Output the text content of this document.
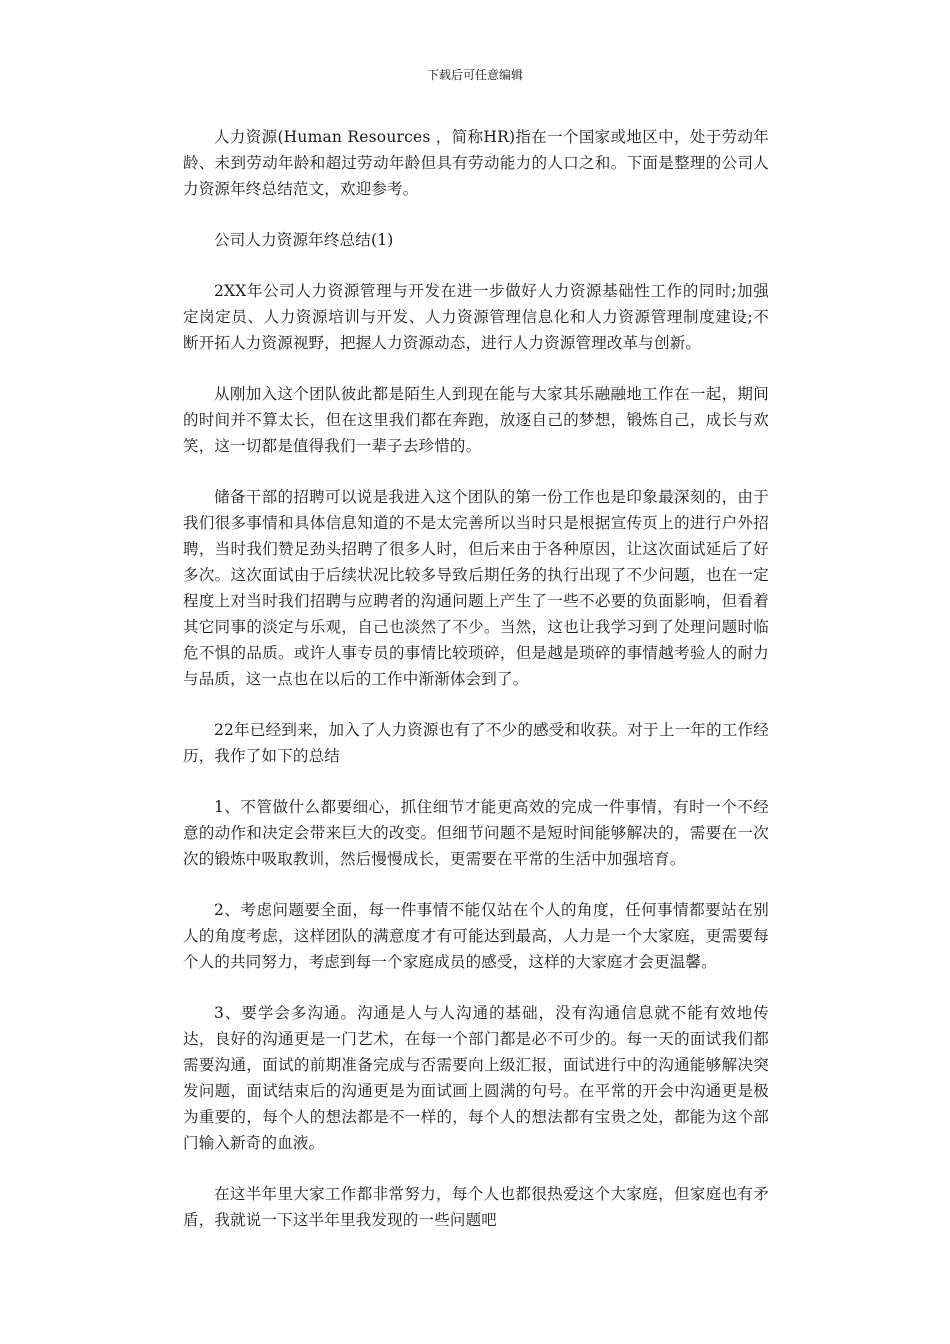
下载后可任意编辑

人力资源(Human Resources ，简称HR)指在一个国家或地区中，处于劳动年龄、未到劳动年龄和超过劳动年龄但具有劳动能力的人口之和。下面是整理的公司人力资源年终总结范文，欢迎参考。

公司人力资源年终总结(1)

2XX年公司人力资源管理与开发在进一步做好人力资源基础性工作的同时;加强定岗定员、人力资源培训与开发、人力资源管理信息化和人力资源管理制度建设;不断开拓人力资源视野，把握人力资源动态，进行人力资源管理改革与创新。

从刚加入这个团队彼此都是陌生人到现在能与大家其乐融融地工作在一起，期间的时间并不算太长，但在这里我们都在奔跑，放逐自己的梦想，锻炼自己，成长与欢笑，这一切都是值得我们一辈子去珍惜的。

储备干部的招聘可以说是我进入这个团队的第一份工作也是印象最深刻的，由于我们很多事情和具体信息知道的不是太完善所以当时只是根据宣传页上的进行户外招聘，当时我们赞足劲头招聘了很多人时，但后来由于各种原因，让这次面试延后了好多次。这次面试由于后续状况比较多导致后期任务的执行出现了不少问题，也在一定程度上对当时我们招聘与应聘者的沟通问题上产生了一些不必要的负面影响，但看着其它同事的淡定与乐观，自己也淡然了不少。当然，这也让我学习到了处理问题时临危不惧的品质。或许人事专员的事情比较琐碎，但是越是琐碎的事情越考验人的耐力与品质，这一点也在以后的工作中渐渐体会到了。

22年已经到来，加入了人力资源也有了不少的感受和收获。对于上一年的工作经历，我作了如下的总结

1、不管做什么都要细心，抓住细节才能更高效的完成一件事情，有时一个不经意的动作和决定会带来巨大的改变。但细节问题不是短时间能够解决的，需要在一次次的锻炼中吸取教训，然后慢慢成长，更需要在平常的生活中加强培育。

2、考虑问题要全面，每一件事情不能仅站在个人的角度，任何事情都要站在别人的角度考虑，这样团队的满意度才有可能达到最高，人力是一个大家庭，更需要每个人的共同努力，考虑到每一个家庭成员的感受，这样的大家庭才会更温馨。

3、要学会多沟通。沟通是人与人沟通的基础，没有沟通信息就不能有效地传达，良好的沟通更是一门艺术，在每一个部门都是必不可少的。每一天的面试我们都需要沟通，面试的前期准备完成与否需要向上级汇报，面试进行中的沟通能够解决突发问题，面试结束后的沟通更是为面试画上圆满的句号。在平常的开会中沟通更是极为重要的，每个人的想法都是不一样的，每个人的想法都有宝贵之处，都能为这个部门输入新奇的血液。

在这半年里大家工作都非常努力，每个人也都很热爱这个大家庭，但家庭也有矛盾，我就说一下这半年里我发现的一些问题吧
